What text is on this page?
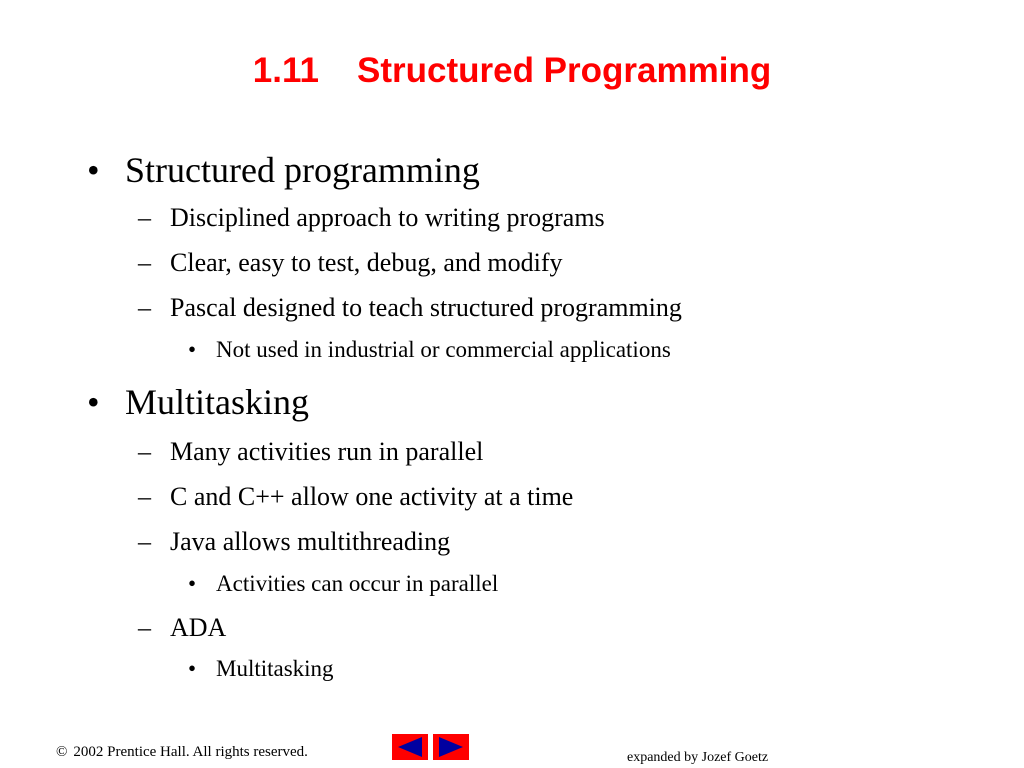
1.11 Structured Programming
• Structured programming
– Disciplined approach to writing programs
– Clear, easy to test, debug, and modify
– Pascal designed to teach structured programming
• Not used in industrial or commercial applications
• Multitasking
– Many activities run in parallel
– C and C++ allow one activity at a time
– Java allows multithreading
• Activities can occur in parallel
– ADA
• Multitasking
© 2002 Prentice Hall. All rights reserved.	expanded by Jozef Goetz
